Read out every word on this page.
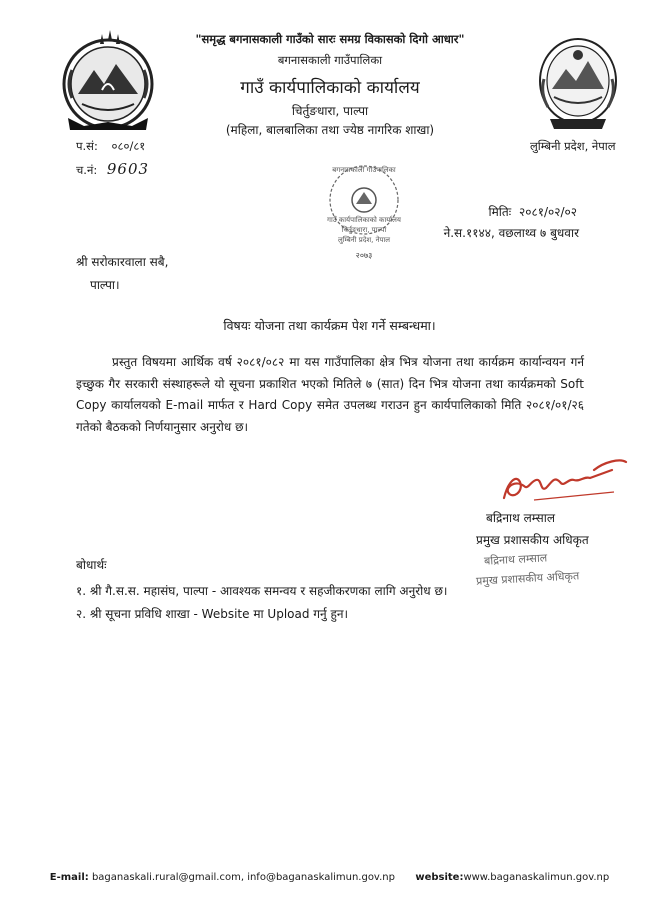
"समृद्ध बगनासकाली गाउँको सारः समग्र विकासको दिगो आधार"
बगनासकाली गाउँपालिका
गाउँ कार्यपालिकाको कार्यालय
चिर्तुङधारा, पाल्पा
(महिला, बालबालिका तथा ज्येष्ठ नागरिक शाखा)
प.सं: ०८०/८१
च.नं: 9603
लुम्बिनी प्रदेश, नेपाल
बगनासकाली गाउँपालिका
गाउँ कार्यपालिकाको कार्यालय
चिर्तुङधारा, पाल्पा
लुम्बिनी प्रदेश, नेपाल
२०७३
मितिः २०८१/०२/०२
ने.स.११४४, वछलाथ्व ७ बुधवार
श्री सरोकारवाला सबै,
पाल्पा।
विषयः योजना तथा कार्यक्रम पेश गर्ने सम्बन्धमा।
प्रस्तुत विषयमा आर्थिक वर्ष २०८१/०८२ मा यस गाउँपालिका क्षेत्र भित्र योजना तथा कार्यक्रम कार्यान्वयन गर्न इच्छुक गैर सरकारी संस्थाहरूले यो सूचना प्रकाशित भएको मितिले ७ (सात) दिन भित्र योजना तथा कार्यक्रमको Soft Copy कार्यालयको E-mail मार्फत र Hard Copy समेत उपलब्ध गराउन हुन कार्यपालिकाको मिति २०८१/०१/२६ गतेको बैठकको निर्णयानुसार अनुरोध छ।
बद्रिनाथ लम्साल
प्रमुख प्रशासकीय अधिकृत
बद्रिनाथ लम्साल
प्रमुख प्रशासकीय अधिकृत
बोधार्थः
१. श्री गै.स.स. महासंघ, पाल्पा - आवश्यक समन्वय र सहजीकरणका लागि अनुरोध छ।
२. श्री सूचना प्रविधि शाखा - Website मा Upload गर्नु हुन।
E-mail: baganaskali.rural@gmail.com, info@baganaskalimun.gov.np website:www.baganaskalimun.gov.np
